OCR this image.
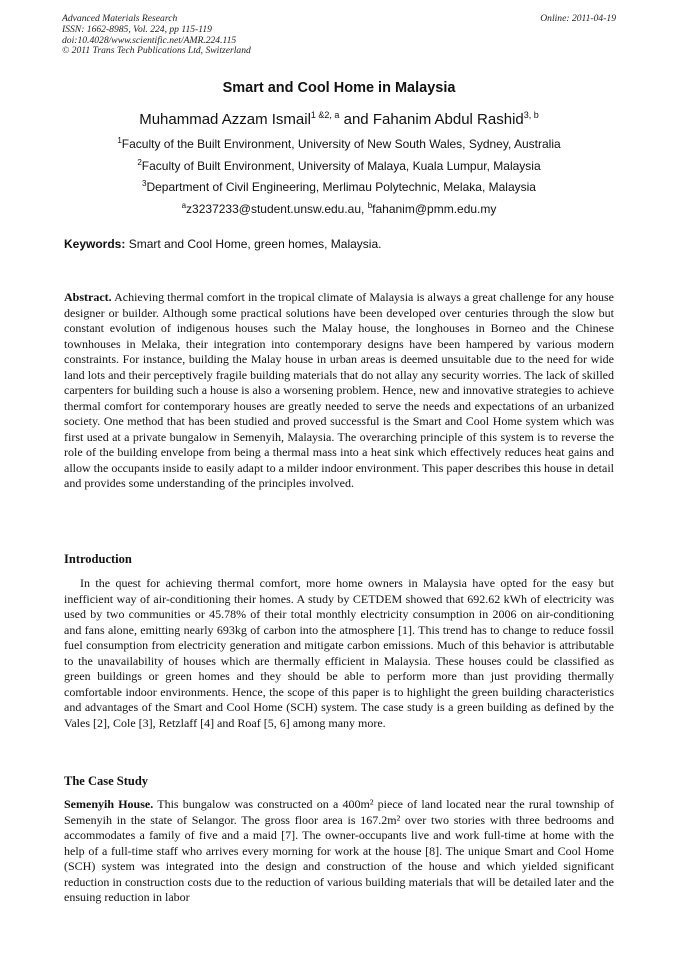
Advanced Materials Research
ISSN: 1662-8985, Vol. 224, pp 115-119
doi:10.4028/www.scientific.net/AMR.224.115
© 2011 Trans Tech Publications Ltd, Switzerland
Online: 2011-04-19
Smart and Cool Home in Malaysia
Muhammad Azzam Ismail$^{1 \&2, a}$ and Fahanim Abdul Rashid$^{3, b}$
$^1$Faculty of the Built Environment, University of New South Wales, Sydney, Australia
$^2$Faculty of Built Environment, University of Malaya, Kuala Lumpur, Malaysia
$^3$Department of Civil Engineering, Merlimau Polytechnic, Melaka, Malaysia
$^a$z3237233@student.unsw.edu.au, $^b$fahanim@pmm.edu.my
Keywords: Smart and Cool Home, green homes, Malaysia.
Abstract. Achieving thermal comfort in the tropical climate of Malaysia is always a great challenge for any house designer or builder. Although some practical solutions have been developed over centuries through the slow but constant evolution of indigenous houses such the Malay house, the longhouses in Borneo and the Chinese townhouses in Melaka, their integration into contemporary designs have been hampered by various modern constraints. For instance, building the Malay house in urban areas is deemed unsuitable due to the need for wide land lots and their perceptively fragile building materials that do not allay any security worries. The lack of skilled carpenters for building such a house is also a worsening problem. Hence, new and innovative strategies to achieve thermal comfort for contemporary houses are greatly needed to serve the needs and expectations of an urbanized society. One method that has been studied and proved successful is the Smart and Cool Home system which was first used at a private bungalow in Semenyih, Malaysia. The overarching principle of this system is to reverse the role of the building envelope from being a thermal mass into a heat sink which effectively reduces heat gains and allow the occupants inside to easily adapt to a milder indoor environment. This paper describes this house in detail and provides some understanding of the principles involved.
Introduction
In the quest for achieving thermal comfort, more home owners in Malaysia have opted for the easy but inefficient way of air-conditioning their homes. A study by CETDEM showed that 692.62 kWh of electricity was used by two communities or 45.78% of their total monthly electricity consumption in 2006 on air-conditioning and fans alone, emitting nearly 693kg of carbon into the atmosphere [1]. This trend has to change to reduce fossil fuel consumption from electricity generation and mitigate carbon emissions. Much of this behavior is attributable to the unavailability of houses which are thermally efficient in Malaysia. These houses could be classified as green buildings or green homes and they should be able to perform more than just providing thermally comfortable indoor environments. Hence, the scope of this paper is to highlight the green building characteristics and advantages of the Smart and Cool Home (SCH) system. The case study is a green building as defined by the Vales [2], Cole [3], Retzlaff [4] and Roaf [5, 6] among many more.
The Case Study
Semenyih House. This bungalow was constructed on a 400m² piece of land located near the rural township of Semenyih in the state of Selangor. The gross floor area is 167.2m² over two stories with three bedrooms and accommodates a family of five and a maid [7]. The owner-occupants live and work full-time at home with the help of a full-time staff who arrives every morning for work at the house [8]. The unique Smart and Cool Home (SCH) system was integrated into the design and construction of the house and which yielded significant reduction in construction costs due to the reduction of various building materials that will be detailed later and the ensuing reduction in labor
